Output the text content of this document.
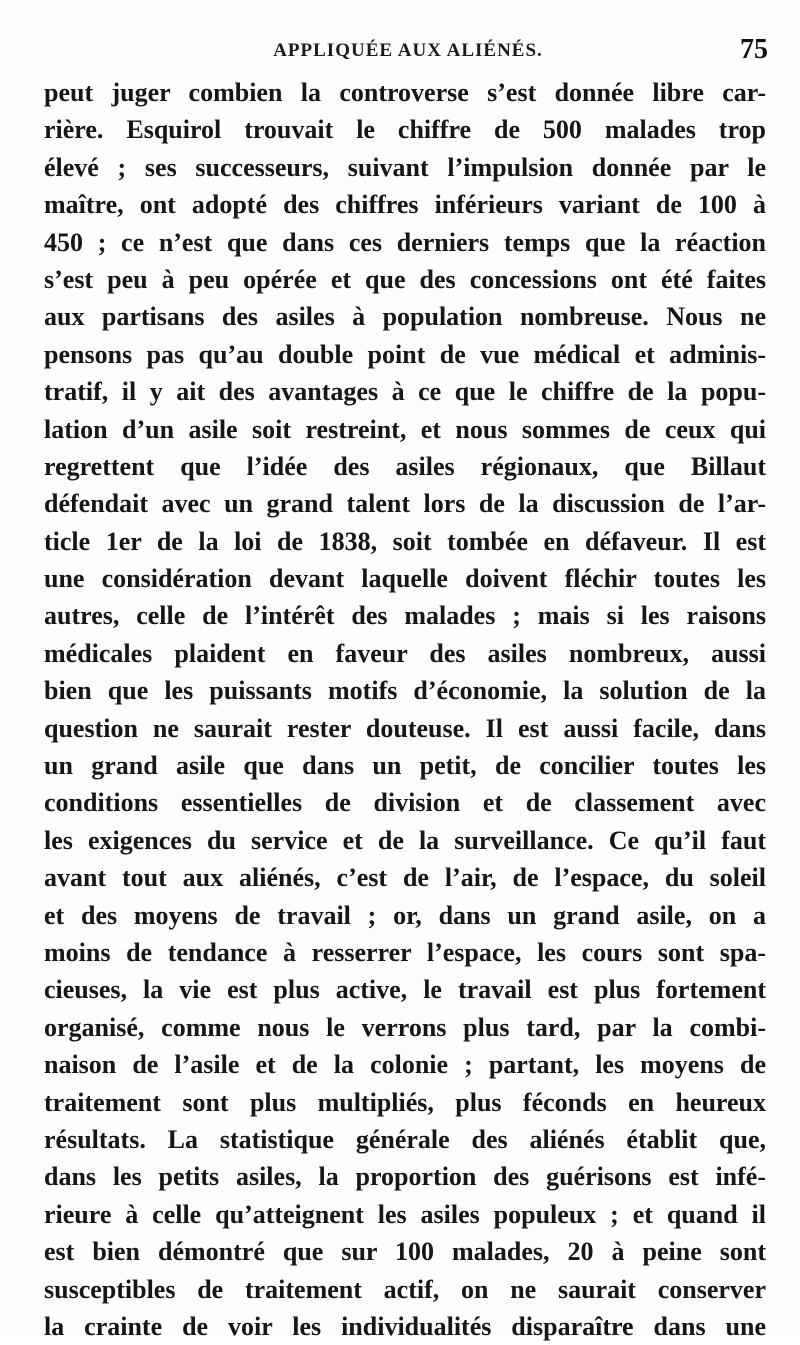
APPLIQUÉE AUX ALIÉNÉS.	75
peut juger combien la controverse s’est donnée libre car-
rière. Esquirol trouvait le chiffre de 500 malades trop
élevé ; ses successeurs, suivant l’impulsion donnée par le
maître, ont adopté des chiffres inférieurs variant de 100 à
450 ; ce n’est que dans ces derniers temps que la réaction
s’est peu à peu opérée et que des concessions ont été faites
aux partisans des asiles à population nombreuse. Nous ne
pensons pas qu’au double point de vue médical et adminis-
tratif, il y ait des avantages à ce que le chiffre de la popu-
lation d’un asile soit restreint, et nous sommes de ceux qui
regrettent que l’idée des asiles régionaux, que Billaut
défendait avec un grand talent lors de la discussion de l’ar-
ticle 1er de la loi de 1838, soit tombée en défaveur. Il est
une considération devant laquelle doivent fléchir toutes les
autres, celle de l’intérêt des malades ; mais si les raisons
médicales plaident en faveur des asiles nombreux, aussi
bien que les puissants motifs d’économie, la solution de la
question ne saurait rester douteuse. Il est aussi facile, dans
un grand asile que dans un petit, de concilier toutes les
conditions essentielles de division et de classement avec
les exigences du service et de la surveillance. Ce qu’il faut
avant tout aux aliénés, c’est de l’air, de l’espace, du soleil
et des moyens de travail ; or, dans un grand asile, on a
moins de tendance à resserrer l’espace, les cours sont spa-
cieuses, la vie est plus active, le travail est plus fortement
organisé, comme nous le verrons plus tard, par la combi-
naison de l’asile et de la colonie ; partant, les moyens de
traitement sont plus multipliés, plus féconds en heureux
résultats. La statistique générale des aliénés établit que,
dans les petits asiles, la proportion des guérisons est infé-
rieure à celle qu’atteignent les asiles populeux ; et quand il
est bien démontré que sur 100 malades, 20 à peine sont
susceptibles de traitement actif, on ne saurait conserver
la crainte de voir les individualités disparaître dans une
